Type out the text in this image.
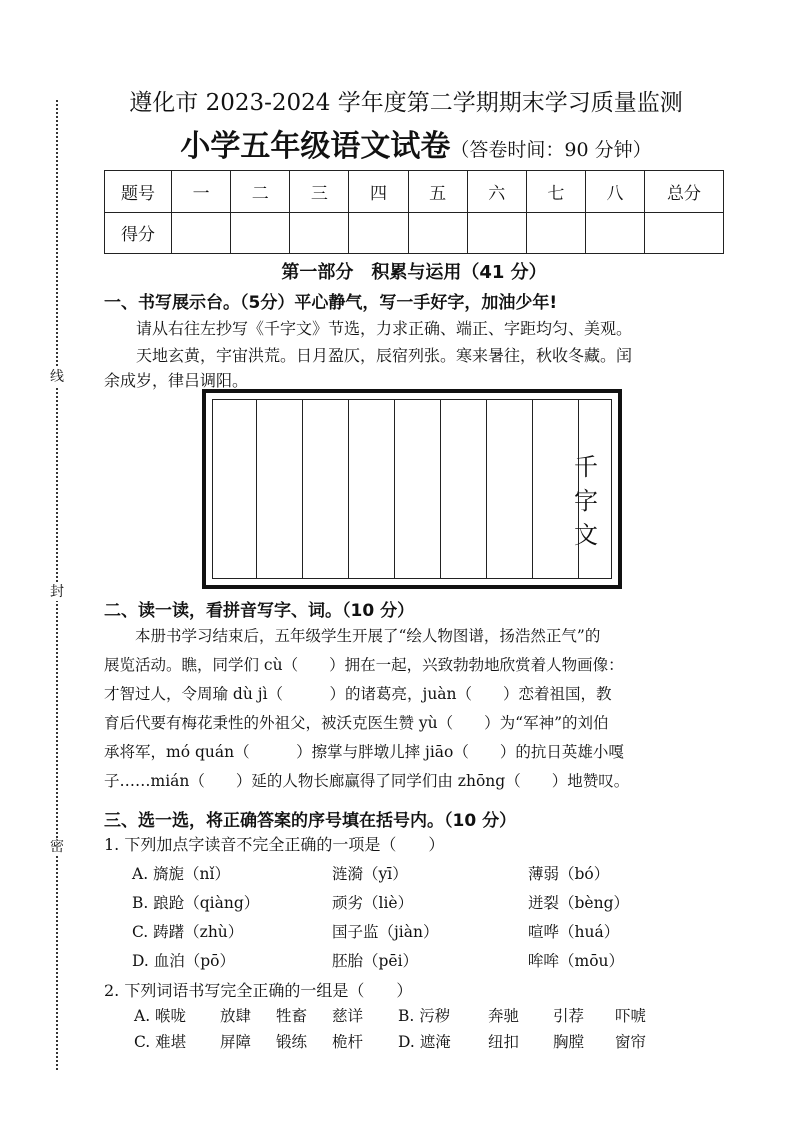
线
封
密
遵化市 2023-2024 学年度第二学期期末学习质量监测
小学五年级语文试卷（答卷时间：90 分钟）
题号	一	二	三	四	五	六	七	八	总分
得分									
第一部分　积累与运用（41 分）
一、书写展示台。（5分）平心静气，写一手好字，加油少年!
请从右往左抄写《千字文》节选，力求正确、端正、字距均匀、美观。
天地玄黄，宇宙洪荒。日月盈仄，辰宿列张。寒来暑往，秋收冬藏。闰
余成岁，律吕调阳。
千字文
二、读一读，看拼音写字、词。（10 分）

　　本册书学习结束后，五年级学生开展了“绘人物图谱，扬浩然正气”的

展览活动。瞧，同学们 cù（　　）拥在一起，兴致勃勃地欣赏着人物画像：

才智过人，令周瑜 dù jì（　　　）的诸葛亮，juàn（　　）恋着祖国，教

育后代要有梅花秉性的外祖父，被沃克医生赞 yù（　　）为“军神”的刘伯

承将军，mó quán（　　　）擦掌与胖墩儿摔 jiāo（　　）的抗日英雄小嘎

子……mián（　　）延的人物长廊赢得了同学们由 zhōng（　　）地赞叹。

三、选一选，将正确答案的序号填在括号内。（10 分）
1. 下列加点字读音不完全正确的一项是（　　）
A. 旖旎（nǐ）	涟漪（yī）	薄弱（bó）
B. 踉跄（qiàng）	顽劣（liè）	迸裂（bèng）
C. 踌躇（zhù）	国子监（jiàn）	喧哗（huá）
D. 血泊（pō）	胚胎（pēi）	哞哞（mōu）
2. 下列词语书写完全正确的一组是（　　）
A. 喉咙 放肆 牲畜 慈详 B. 污秽 奔驰 引荐 吓唬
C. 难堪 屏障 锻练 桅杆 D. 遮淹 纽扣 胸膛 窗帘
